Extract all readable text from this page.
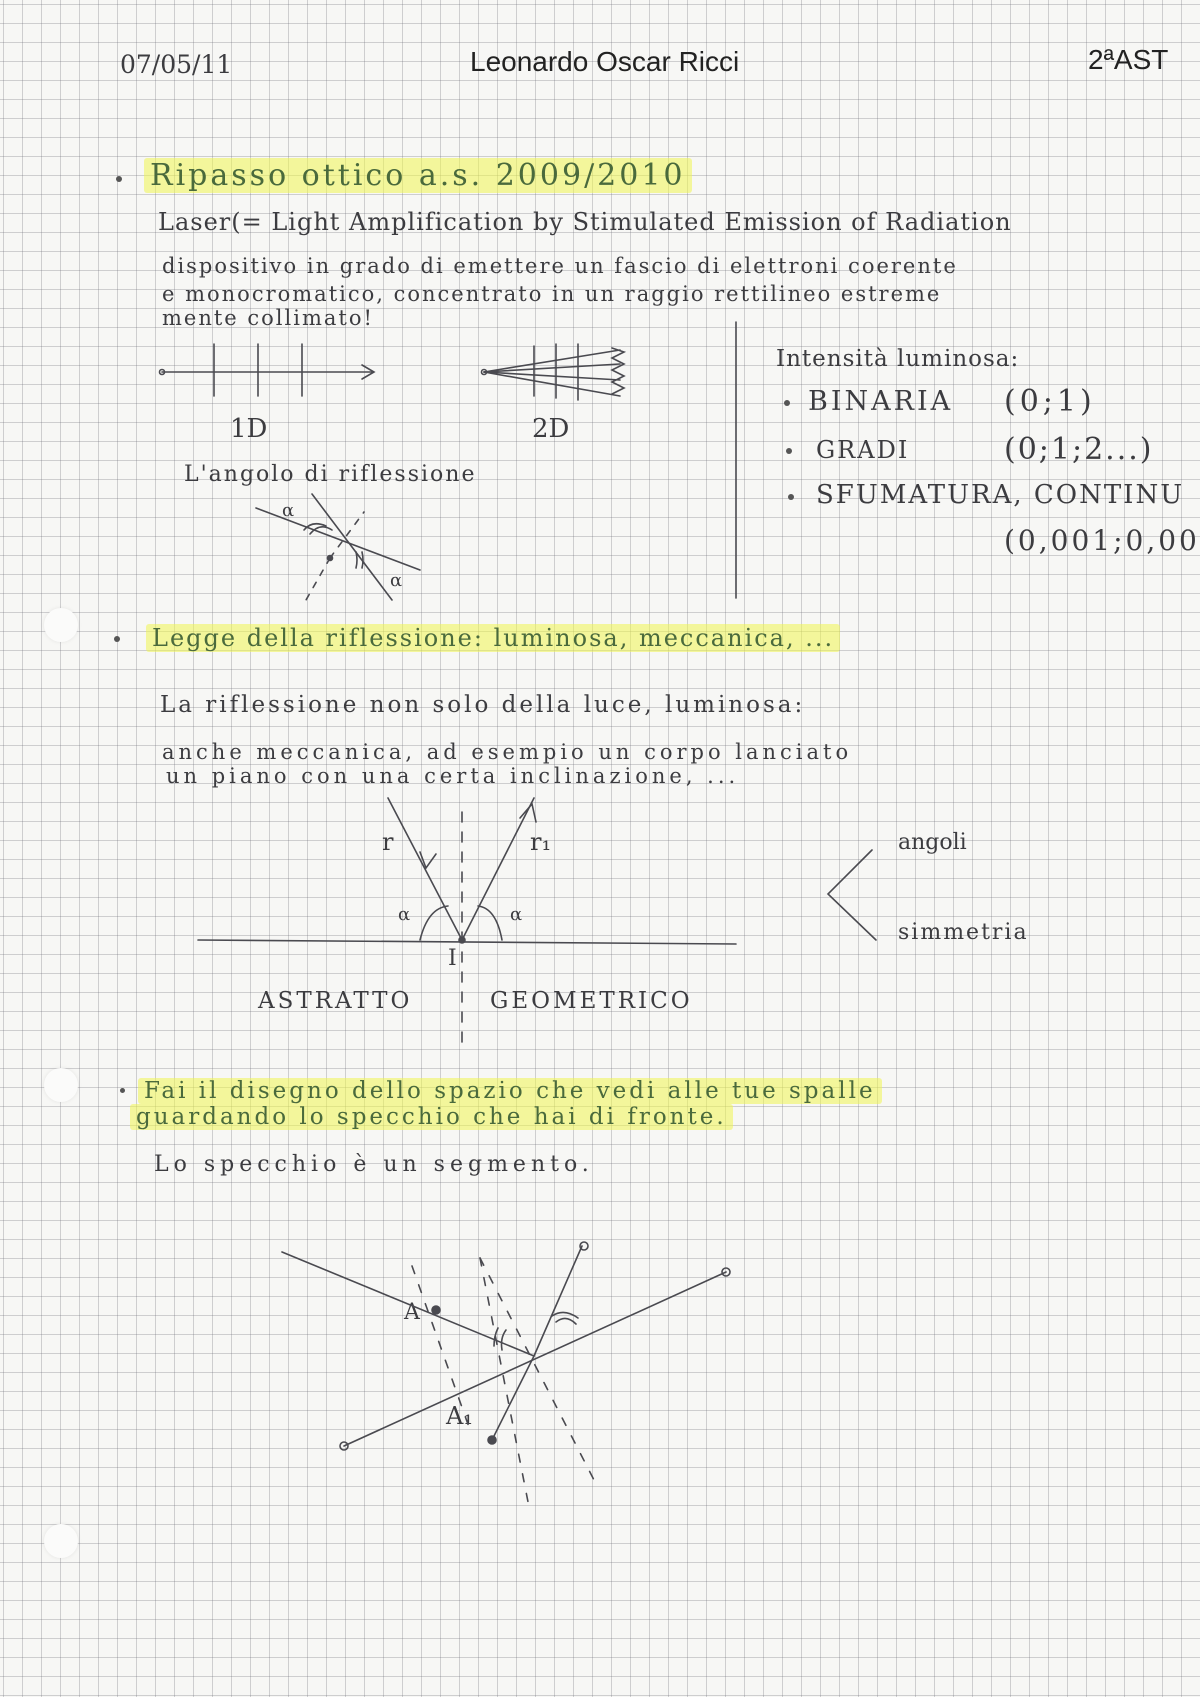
07/05/11	Leonardo Oscar Ricci	2ªAST
Ripasso ottico a.s. 2009/2010
Laser(= Light Amplification by Stimulated Emission of Radiation
dispositivo in grado di emettere un fascio di elettroni coerente
e monocromatico, concentrato in un raggio rettilineo estreme
mente collimato!
1D	2D
L'angolo di riflessione
α
α
Intensità luminosa:
BINARIA (0;1)
GRADI	(0;1;2...)
SFUMATURA, CONTINU
(0,001;0,00
Legge della riflessione: luminosa, meccanica, ...
La riflessione non solo della luce, luminosa:
anche meccanica, ad esempio un corpo lanciato
un piano con una certa inclinazione, ...
r	r₁
α	α
I
ASTRATTO	GEOMETRICO
angoli
simmetria
Fai il disegno dello spazio che vedi alle tue spalle
guardando lo specchio che hai di fronte.
Lo specchio è un segmento.
A
A₁
